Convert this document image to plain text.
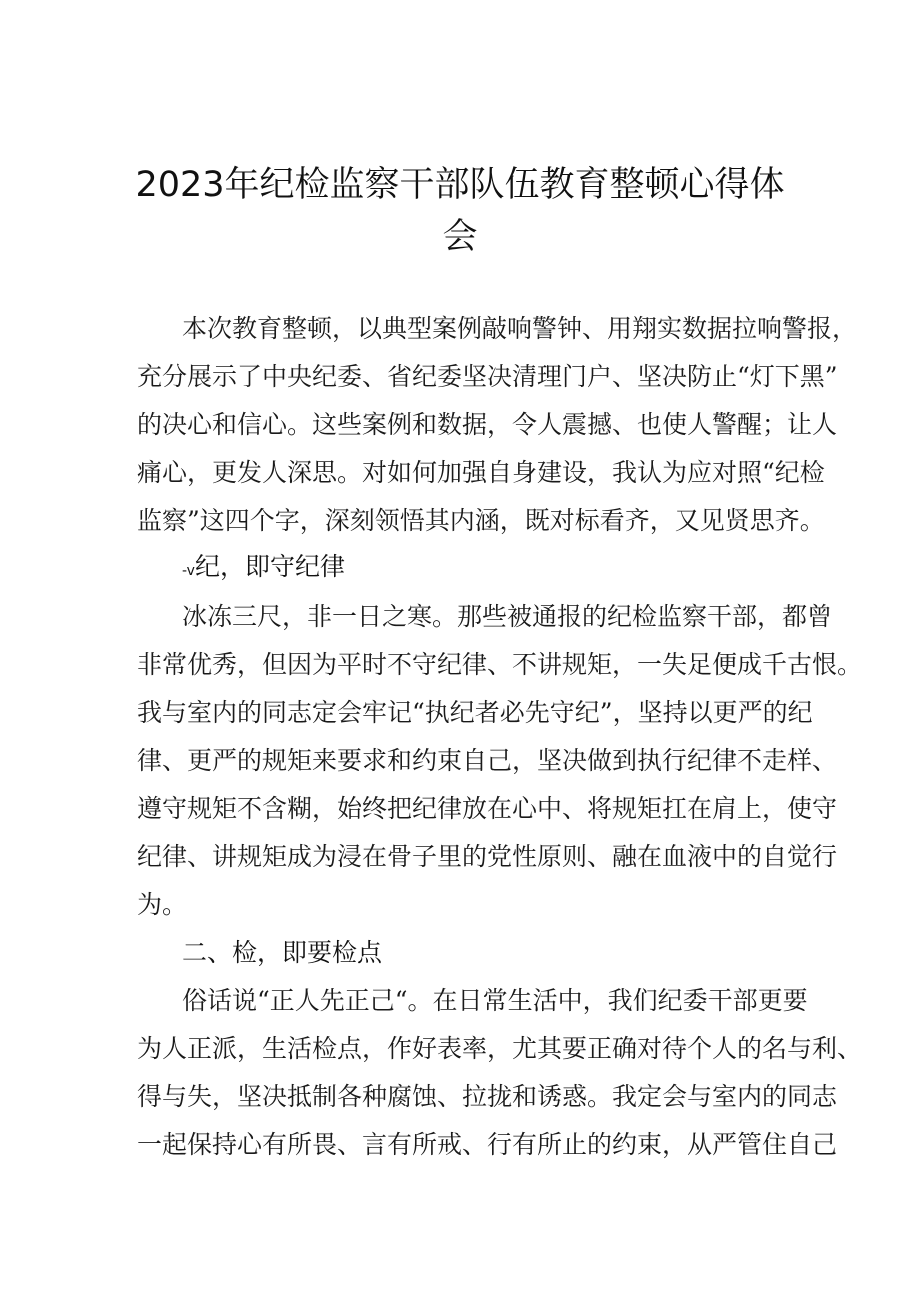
2023年纪检监察干部队伍教育整顿心得体
会
本次教育整顿，以典型案例敲响警钟、用翔实数据拉响警报，
充分展示了中央纪委、省纪委坚决清理门户、坚决防止“灯下黑”
的决心和信心。这些案例和数据，令人震撼、也使人警醒；让人
痛心，更发人深思。对如何加强自身建设，我认为应对照“纪检
监察”这四个字，深刻领悟其内涵，既对标看齐，又见贤思齐。
-v纪，即守纪律
冰冻三尺，非一日之寒。那些被通报的纪检监察干部，都曾
非常优秀，但因为平时不守纪律、不讲规矩，一失足便成千古恨。
我与室内的同志定会牢记“执纪者必先守纪”，坚持以更严的纪
律、更严的规矩来要求和约束自己，坚决做到执行纪律不走样、
遵守规矩不含糊，始终把纪律放在心中、将规矩扛在肩上，使守
纪律、讲规矩成为浸在骨子里的党性原则、融在血液中的自觉行
为。
二、检，即要检点
俗话说“正人先正己“。在日常生活中，我们纪委干部更要
为人正派，生活检点，作好表率，尤其要正确对待个人的名与利、
得与失，坚决抵制各种腐蚀、拉拢和诱惑。我定会与室内的同志
一起保持心有所畏、言有所戒、行有所止的约束，从严管住自己
